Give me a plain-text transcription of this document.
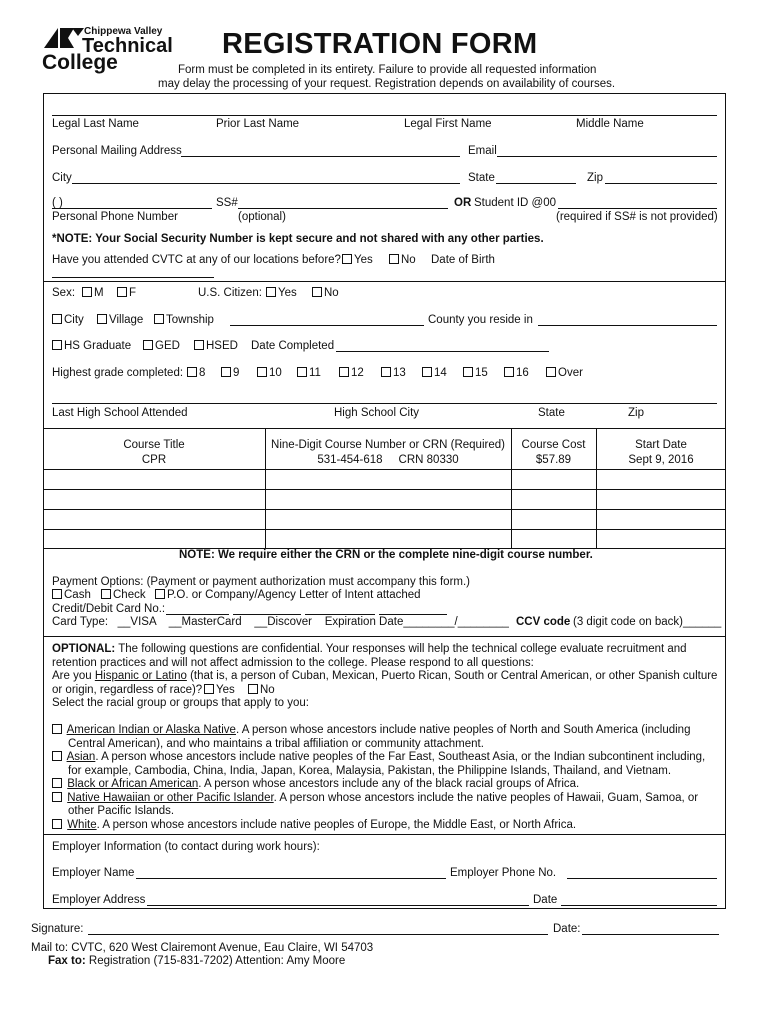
Chippewa Valley
Technical
College
REGISTRATION FORM
Form must be completed in its entirety. Failure to provide all requested information
may delay the processing of your request. Registration depends on availability of courses.
Legal Last Name	Prior Last Name	Legal First Name	Middle Name
Personal Mailing Address	Email
City	State	Zip
( )	SS#	OR Student ID @00
Personal Phone Number	(optional)	(required if SS# is not provided)
*NOTE: Your Social Security Number is kept secure and not shared with any other parties.
Have you attended CVTC at any of our locations before?	Yes	No Date of Birth
Sex:	M	F	U.S. Citizen:	Yes	No
City	Village	Township	County you reside in
HS Graduate	GED	HSED Date Completed
Highest grade completed:	8	9	10	11	12	13	14	15	16	Over
Last High School Attended	High School City	State	Zip
Course Title	Nine-Digit Course Number or CRN (Required)	Course Cost	Start Date
CPR	531-454-618     CRN 80330	$57.89	Sept 9, 2016
NOTE: We require either the CRN or the complete nine-digit course number.
Payment Options: (Payment or payment authorization must accompany this form.)
Cash	Check	P.O. or Company/Agency Letter of Intent attached
Credit/Debit Card No.:
Card Type:   __VISA    __MasterCard    __Discover    Expiration Date________/________ CCV code (3 digit code on back)______
OPTIONAL: The following questions are confidential. Your responses will help the technical college evaluate recruitment and
retention practices and will not affect admission to the college. Please respond to all questions:
Are you Hispanic or Latino (that is, a person of Cuban, Mexican, Puerto Rican, South or Central American, or other Spanish culture
or origin, regardless of race)?	Yes	No
Select the racial group or groups that apply to you:
American Indian or Alaska Native. A person whose ancestors include native peoples of North and South America (including
Central American), and who maintains a tribal affiliation or community attachment.
Asian. A person whose ancestors include native peoples of the Far East, Southeast Asia, or the Indian subcontinent including,
for example, Cambodia, China, India, Japan, Korea, Malaysia, Pakistan, the Philippine Islands, Thailand, and Vietnam.
Black or African American. A person whose ancestors include any of the black racial groups of Africa.
Native Hawaiian or other Pacific Islander. A person whose ancestors include the native peoples of Hawaii, Guam, Samoa, or
other Pacific Islands.
White. A person whose ancestors include native peoples of Europe, the Middle East, or North Africa.
Employer Information (to contact during work hours):
Employer Name	Employer Phone No.
Employer Address	Date
Signature:	Date:
Mail to: CVTC, 620 West Clairemont Avenue, Eau Claire, WI 54703
Fax to: Registration (715-831-7202) Attention: Amy Moore
